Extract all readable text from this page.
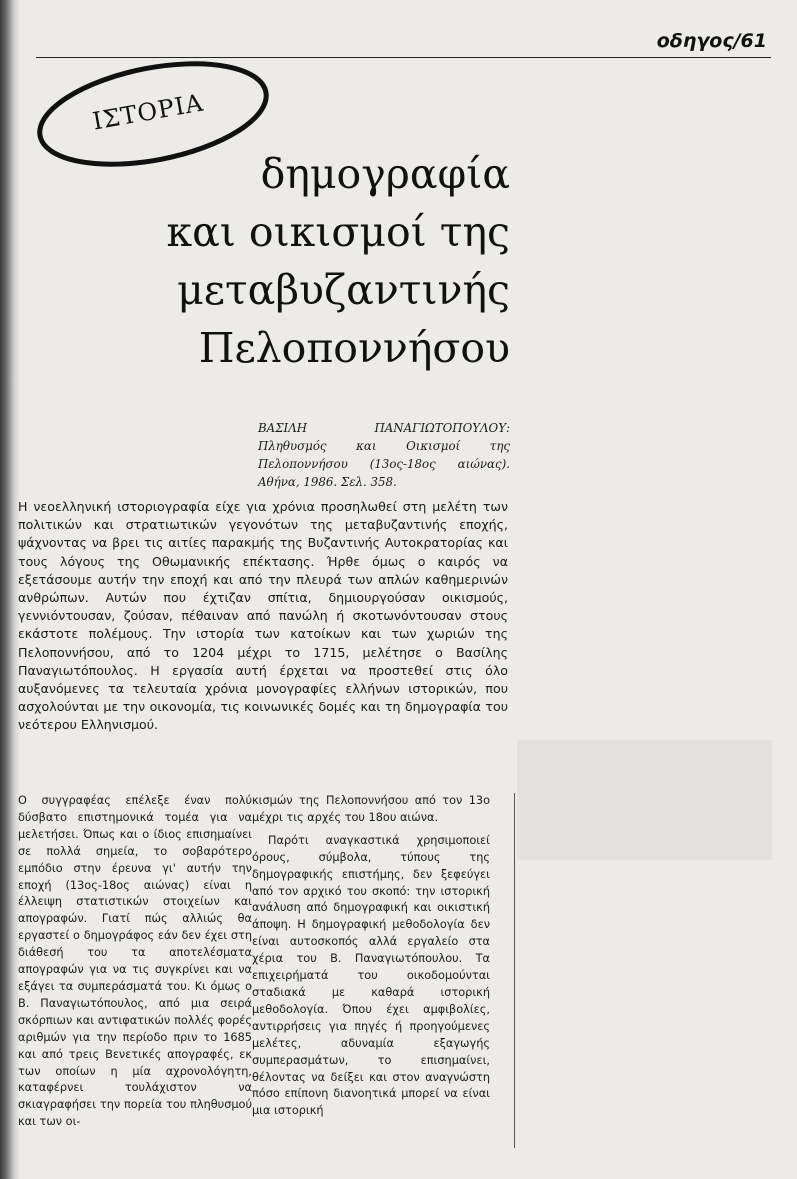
οδηγος/61
ΙΣΤΟΡΙΑ
δημογραφία
και οικισμοί της
μεταβυζαντινής
Πελοποννήσου
ΒΑΣΙΛΗ ΠΑΝΑΓΙΩΤΟΠΟΥΛΟΥ: Πληθυσμός και Οικισμοί της Πελοποννήσου (13ος-18ος αιώνας). Αθήνα, 1986. Σελ. 358.

Η νεοελληνική ιστοριογραφία είχε για χρόνια προσηλωθεί στη μελέτη των πολιτικών και στρατιωτικών γεγονότων της μεταβυζαντινής εποχής, ψάχνοντας να βρει τις αιτίες παρακμής της Βυζαντινής Αυτοκρατορίας και τους λόγους της Οθωμανικής επέκτασης. Ήρθε όμως ο καιρός να εξετάσουμε αυτήν την εποχή και από την πλευρά των απλών καθημερινών ανθρώπων. Αυτών που έχτιζαν σπίτια, δημιουργούσαν οικισμούς, γεννιόντουσαν, ζούσαν, πέθαιναν από πανώλη ή σκοτωνόντουσαν στους εκάστοτε πολέμους. Την ιστορία των κατοίκων και των χωριών της Πελοποννήσου, από το 1204 μέχρι το 1715, μελέτησε ο Βασίλης Παναγιωτόπουλος. Η εργασία αυτή έρχεται να προστεθεί στις όλο αυξανόμενες τα τελευταία χρόνια μονογραφίες ελλήνων ιστορικών, που ασχολούνται με την οικονομία, τις κοινωνικές δομές και τη δημογραφία του νεότερου Ελληνισμού.

Ο συγγραφέας επέλεξε έναν πολύ δύσβατο επιστημονικά τομέα για να μελετήσει. Όπως και ο ίδιος επισημαίνει σε πολλά σημεία, το σοβαρότερο εμπόδιο στην έρευνα γι' αυτήν την εποχή (13ος-18ος αιώνας) είναι η έλλειψη στατιστικών στοιχείων και απογραφών. Γιατί πώς αλλιώς θα εργαστεί ο δημογράφος εάν δεν έχει στη διάθεσή του τα αποτελέσματα απογραφών για να τις συγκρίνει και να εξάγει τα συμπεράσματά του. Κι όμως ο Β. Παναγιωτόπουλος, από μια σειρά σκόρπιων και αντιφατικών πολλές φορές αριθμών για την περίοδο πριν το 1685 και από τρεις Βενετικές απογραφές, εκ των οποίων η μία αχρονολόγητη, καταφέρνει τουλάχιστον να σκιαγραφήσει την πορεία του πληθυσμού και των οι-

κισμών της Πελοποννήσου από τον 13ο μέχρι τις αρχές του 18ου αιώνα.

Παρότι αναγκαστικά χρησιμοποιεί όρους, σύμβολα, τύπους της δημογραφικής επιστήμης, δεν ξεφεύγει από τον αρχικό του σκοπό: την ιστορική ανάλυση από δημογραφική και οικιστική άποψη. Η δημογραφική μεθοδολογία δεν είναι αυτοσκοπός αλλά εργαλείο στα χέρια του Β. Παναγιωτόπουλου. Τα επιχειρήματά του οικοδομούνται σταδιακά με καθαρά ιστορική μεθοδολογία. Όπου έχει αμφιβολίες, αντιρρήσεις για πηγές ή προηγούμενες μελέτες, αδυναμία εξαγωγής συμπερασμάτων, το επισημαίνει, θέλοντας να δείξει και στον αναγνώστη πόσο επίπονη διανοητικά μπορεί να είναι μια ιστορική
